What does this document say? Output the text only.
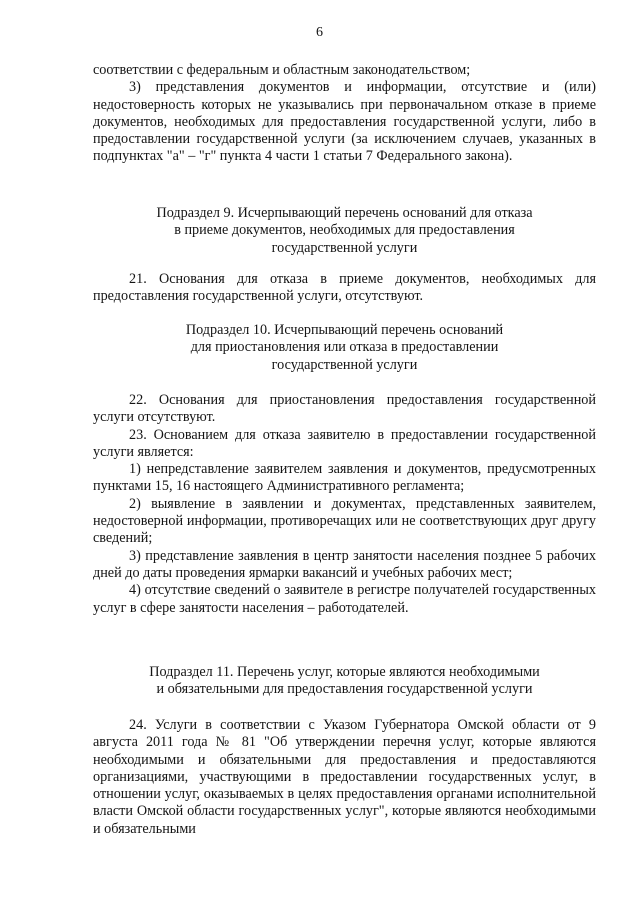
6

соответствии с федеральным и областным законодательством;

3) представления документов и информации, отсутствие и (или) недостоверность которых не указывались при первоначальном отказе в приеме документов, необходимых для предоставления государственной услуги, либо в предоставлении государственной услуги (за исключением случаев, указанных в подпунктах "а" – "г" пункта 4 части 1 статьи 7 Федерального закона).

Подраздел 9. Исчерпывающий перечень оснований для отказа

в приеме документов, необходимых для предоставления

государственной услуги

21. Основания для отказа в приеме документов, необходимых для предоставления государственной услуги, отсутствуют.

Подраздел 10. Исчерпывающий перечень оснований

для приостановления или отказа в предоставлении

государственной услуги

22. Основания для приостановления предоставления государственной услуги отсутствуют.

23. Основанием для отказа заявителю в предоставлении государственной услуги является:

1) непредставление заявителем заявления и документов, предусмотренных пунктами 15, 16 настоящего Административного регламента;

2) выявление в заявлении и документах, представленных заявителем, недостоверной информации, противоречащих или не соответствующих друг другу сведений;

3) представление заявления в центр занятости населения позднее 5 рабочих дней до даты проведения ярмарки вакансий и учебных рабочих мест;

4) отсутствие сведений о заявителе в регистре получателей государственных услуг в сфере занятости населения – работодателей.

Подраздел 11. Перечень услуг, которые являются необходимыми

и обязательными для предоставления государственной услуги

24. Услуги в соответствии с Указом Губернатора Омской области от 9 августа 2011 года № 81 "Об утверждении перечня услуг, которые являются необходимыми и обязательными для предоставления и предоставляются организациями, участвующими в предоставлении государственных услуг, в отношении услуг, оказываемых в целях предоставления органами исполнительной власти Омской области государственных услуг", которые являются необходимыми и обязательными
